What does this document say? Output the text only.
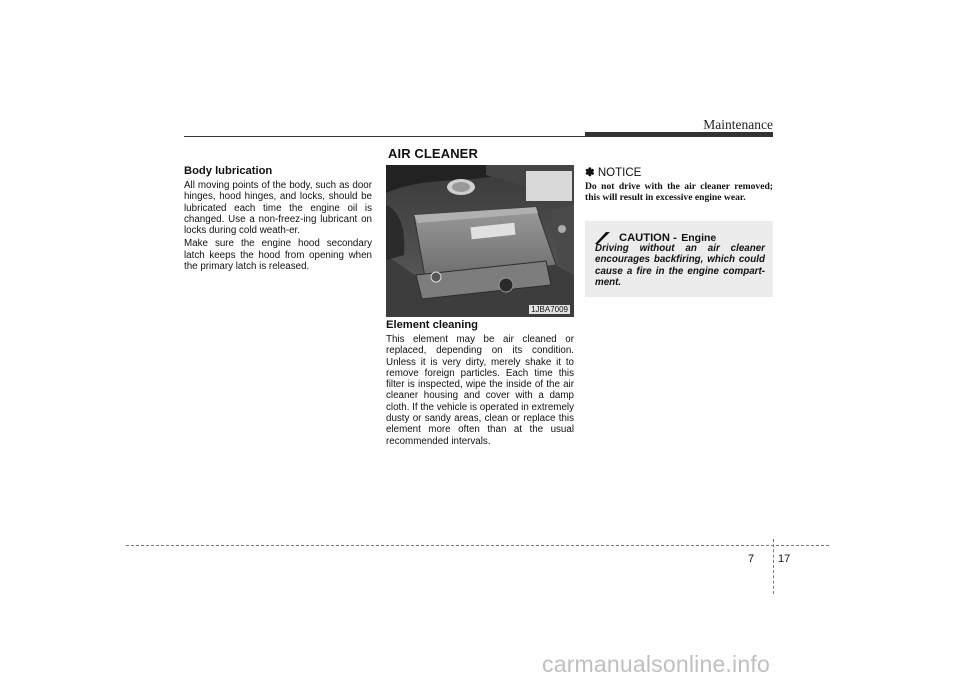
Maintenance
AIR CLEANER
Body lubrication

All moving points of the body, such as door hinges, hood hinges, and locks, should be lubricated each time the engine oil is changed. Use a non-freez-ing lubricant on locks during cold weath-er.

Make sure the engine hood secondary latch keeps the hood from opening when the primary latch is released.

1JBA7009
Element cleaning

This element may be air cleaned or replaced, depending on its condition. Unless it is very dirty, merely shake it to remove foreign particles. Each time this filter is inspected, wipe the inside of the air cleaner housing and cover with a damp cloth. If the vehicle is operated in extremely dusty or sandy areas, clean or replace this element more often than at the usual recommended intervals.

✽ NOTICE

Do not drive with the air cleaner removed; this will result in excessive engine wear.

CAUTION -
Engine
Driving without an air cleaner encourages backfiring, which could cause a fire in the engine compart-ment.
7 17
carmanualsonline.info
